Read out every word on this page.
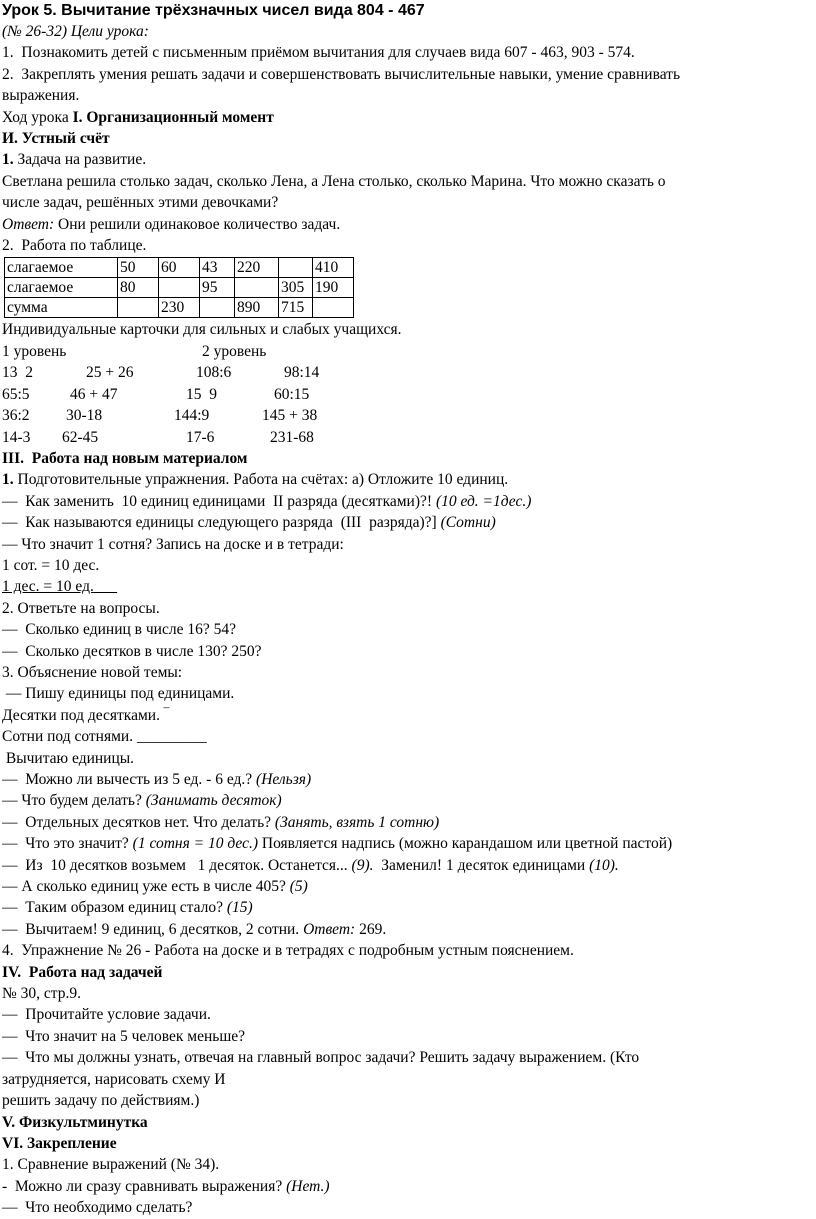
Урок 5. Вычитание трёхзначных чисел вида 804 - 467
(№ 26-32) Цели урока:
1.  Познакомить детей с письменным приёмом вычитания для случаев вида 607 - 463, 903 - 574.
2.  Закреплять умения решать задачи и совершенствовать вычислительные навыки, умение сравнивать
выражения.
Ход урока I. Организационный момент
И. Устный счёт
1. Задача на развитие.
Светлана решила столько задач, сколько Лена, а Лена столько, сколько Марина. Что можно сказать о
числе задач, решённых этими девочками?
Ответ: Они решили одинаковое количество задач.
2.  Работа по таблице.
слагаемое	50	60	43	220		410
слагаемое	80		95		305	190
сумма		230		890	715	
Индивидуальные карточки для сильных и слабых учащихся.
1 уровень	2 уровень
13  2	25 + 26	108:6	98:14
65:5	46 + 47	15  9	60:15
36:2 30-18	144:9	145 + 38
14-3 62-45	17-6	231-68
III.  Работа над новым материалом
1. Подготовительные упражнения. Работа на счётах: а) Отложите 10 единиц.
—  Как заменить  10 единиц единицами  II разряда (десятками)?! (10 ед. =1дес.)
—  Как называются единицы следующего разряда  (III  разряда)?] (Сотни)
— Что значит 1 сотня? Запись на доске и в тетради:
1 сот. = 10 дес.
1 дес. = 10 ед.
2. Ответьте на вопросы.
—  Сколько единиц в числе 16? 54?
—  Сколько десятков в числе 130? 250?
3. Объяснение новой темы:
— Пишу единицы под единицами.
Десятки под десятками. ‾
Сотни под сотнями. _________
Вычитаю единицы.
—  Можно ли вычесть из 5 ед. - 6 ед.? (Нельзя)
— Что будем делать? (Занимать десяток)
—  Отдельных десятков нет. Что делать? (Занять, взять 1 сотню)
—  Что это значит? (1 сотня = 10 дес.) Появляется надпись (можно карандашом или цветной пастой)
—  Из  10 десятков возьмем   1 десяток. Останется... (9).  Заменил! 1 десяток единицами (10).
— А сколько единиц уже есть в числе 405? (5)
—  Таким образом единиц стало? (15)
—  Вычитаем! 9 единиц, 6 десятков, 2 сотни. Ответ: 269.
4.  Упражнение № 26 - Работа на доске и в тетрадях с подробным устным пояснением.
IV.  Работа над задачей
№ 30, стр.9.
—  Прочитайте условие задачи.
—  Что значит на 5 человек меньше?
—  Что мы должны узнать, отвечая на главный вопрос задачи? Решить задачу выражением. (Кто
затрудняется, нарисовать схему И
решить задачу по действиям.)
V. Физкультминутка
VI. Закрепление
1. Сравнение выражений (№ 34).
-  Можно ли сразу сравнивать выражения? (Нет.)
—  Что необходимо сделать?
